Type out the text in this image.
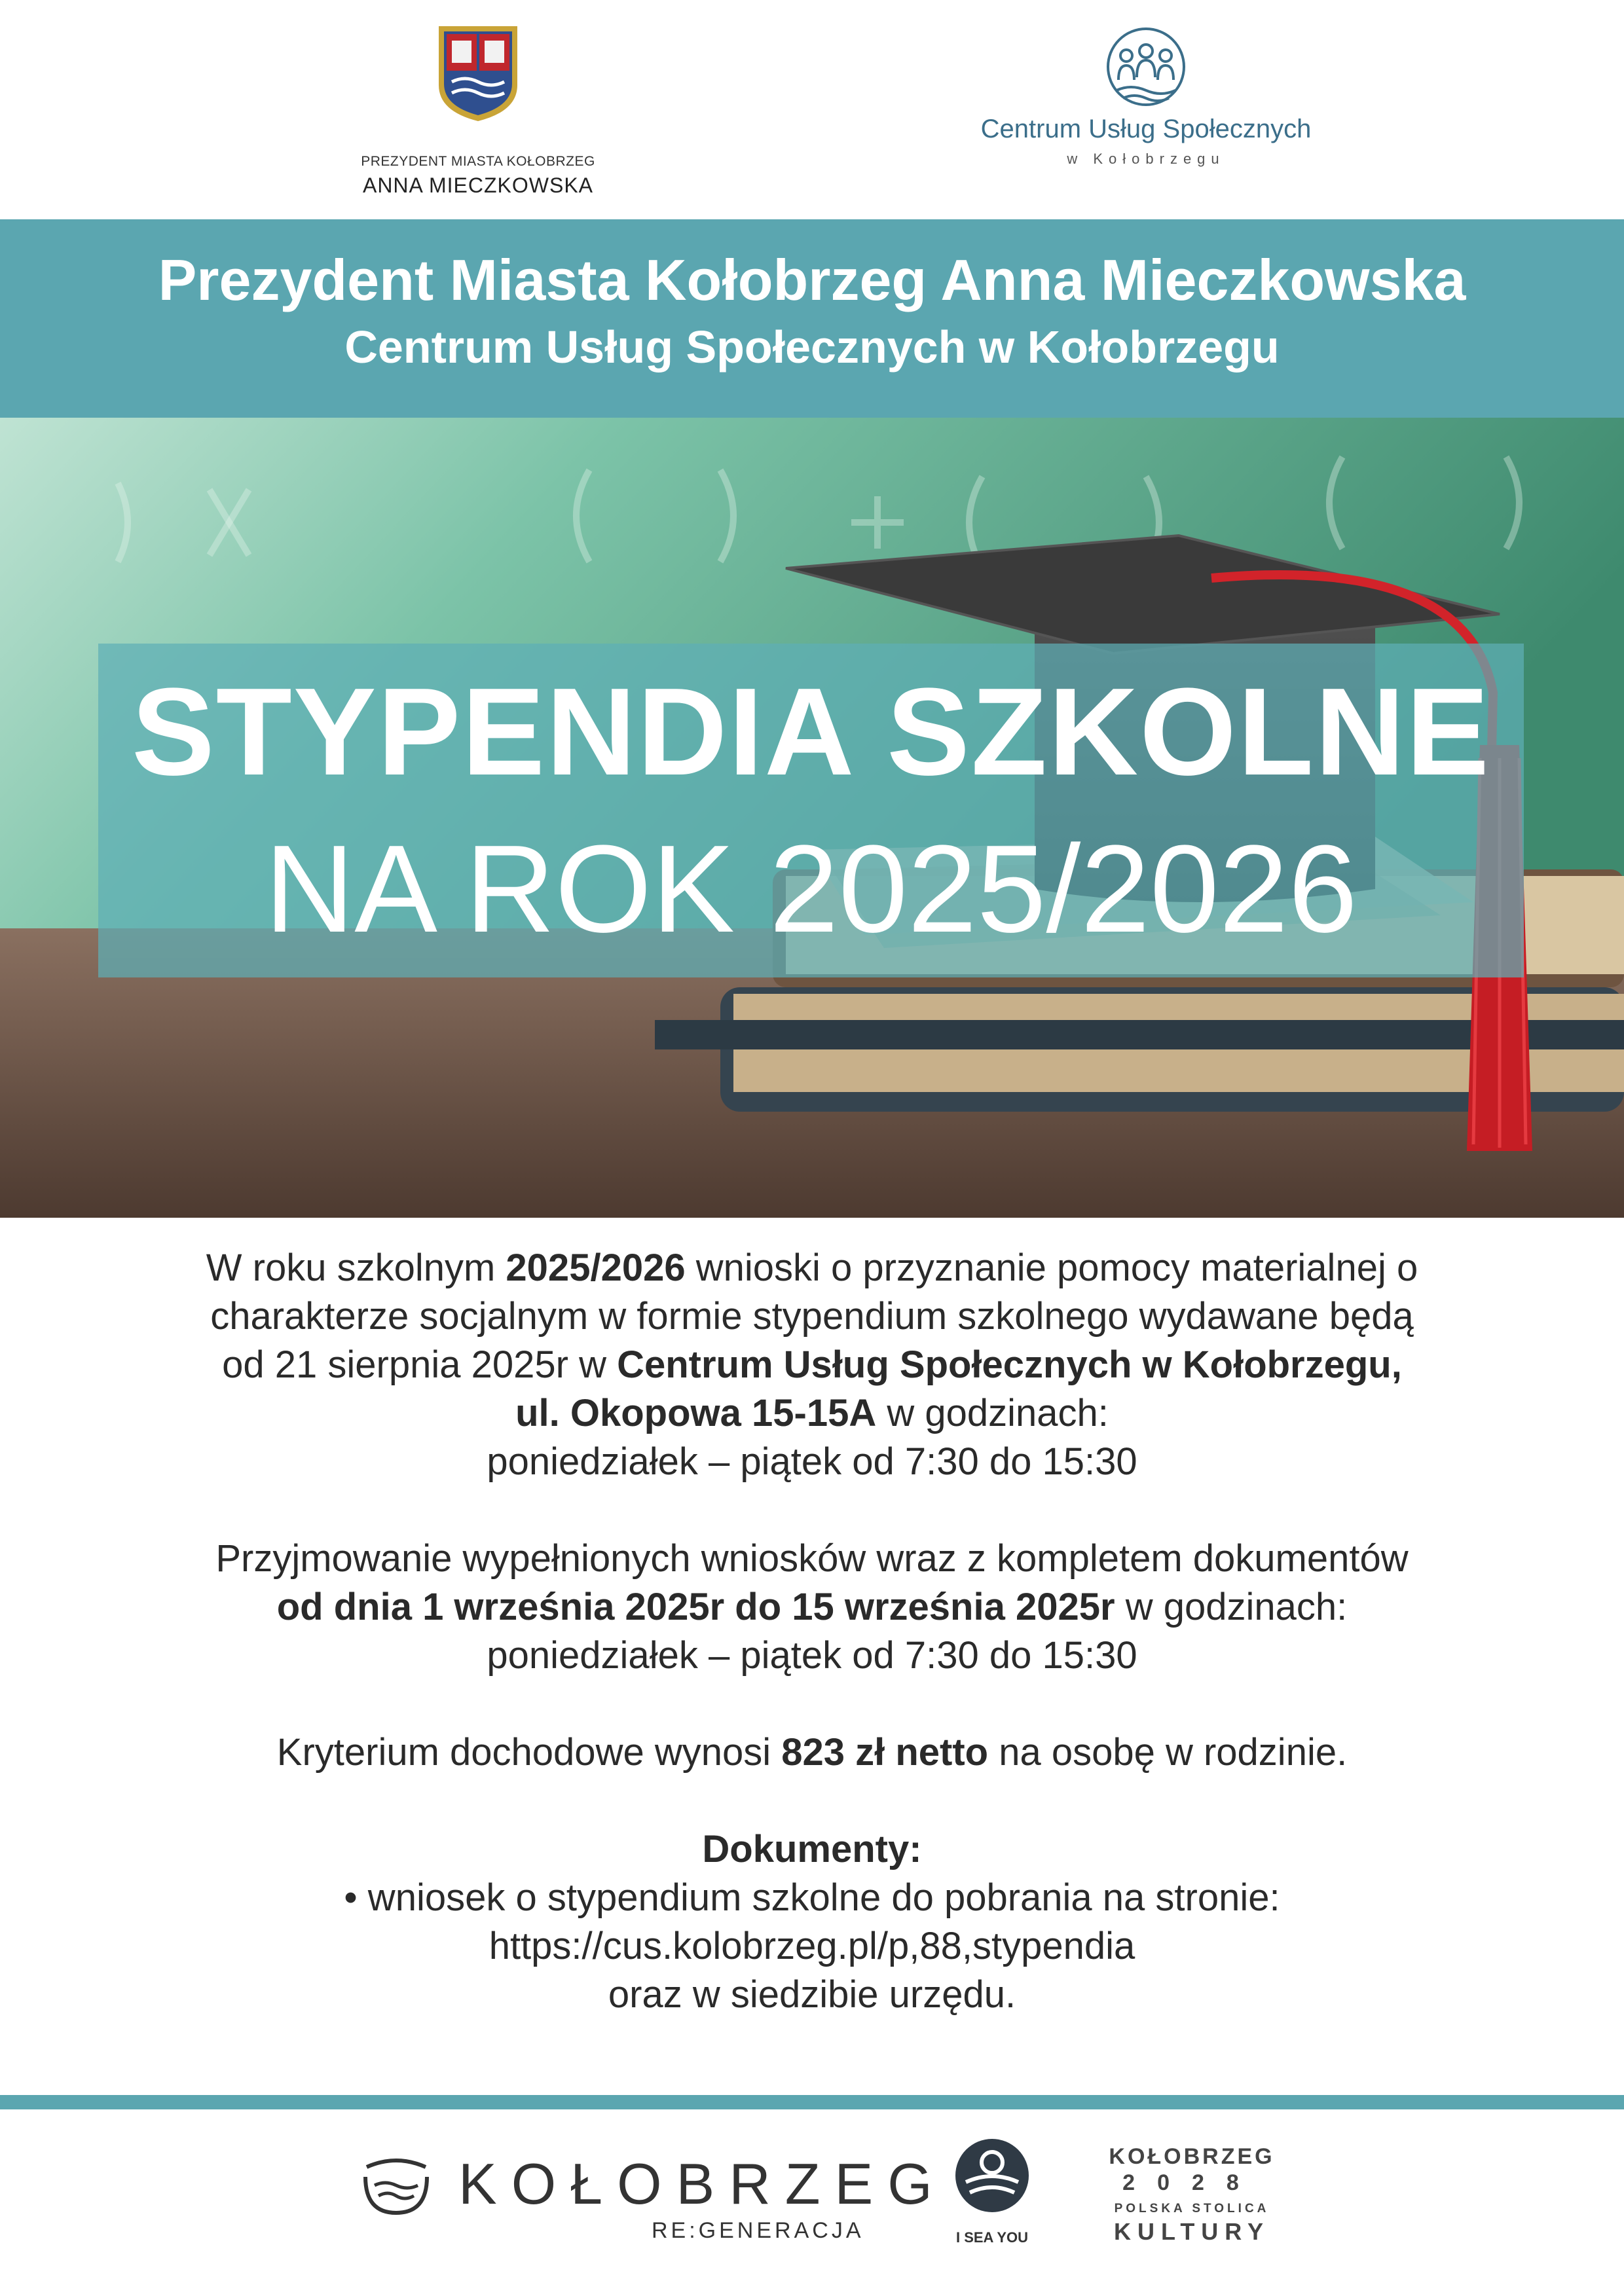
PREZYDENT MIASTA KOŁOBRZEG
ANNA MIECZKOWSKA
Centrum Usług Społecznych
w Kołobrzegu
Prezydent Miasta Kołobrzeg Anna Mieczkowska
Centrum Usług Społecznych w Kołobrzegu
STYPENDIA SZKOLNE
NA ROK 2025/2026

W roku szkolnym 2025/2026 wnioski o przyznanie pomocy materialnej o
charakterze socjalnym w formie stypendium szkolnego wydawane będą
od 21 sierpnia 2025r w Centrum Usług Społecznych w Kołobrzegu,
ul. Okopowa 15-15A w godzinach:
poniedziałek – piątek od 7:30 do 15:30

Przyjmowanie wypełnionych wniosków wraz z kompletem dokumentów
od dnia 1 września 2025r do 15 września 2025r w godzinach:
poniedziałek – piątek od 7:30 do 15:30

Kryterium dochodowe wynosi 823 zł netto na osobę w rodzinie.

Dokumenty:
• wniosek o stypendium szkolne do pobrania na stronie:
https://cus.kolobrzeg.pl/p,88,stypendia
oraz w siedzibie urzędu.

KOŁOBRZEG
RE:GENERACJA	I SEA YOU
KOŁOBRZEG
2028
POLSKA STOLICA
KULTURY
